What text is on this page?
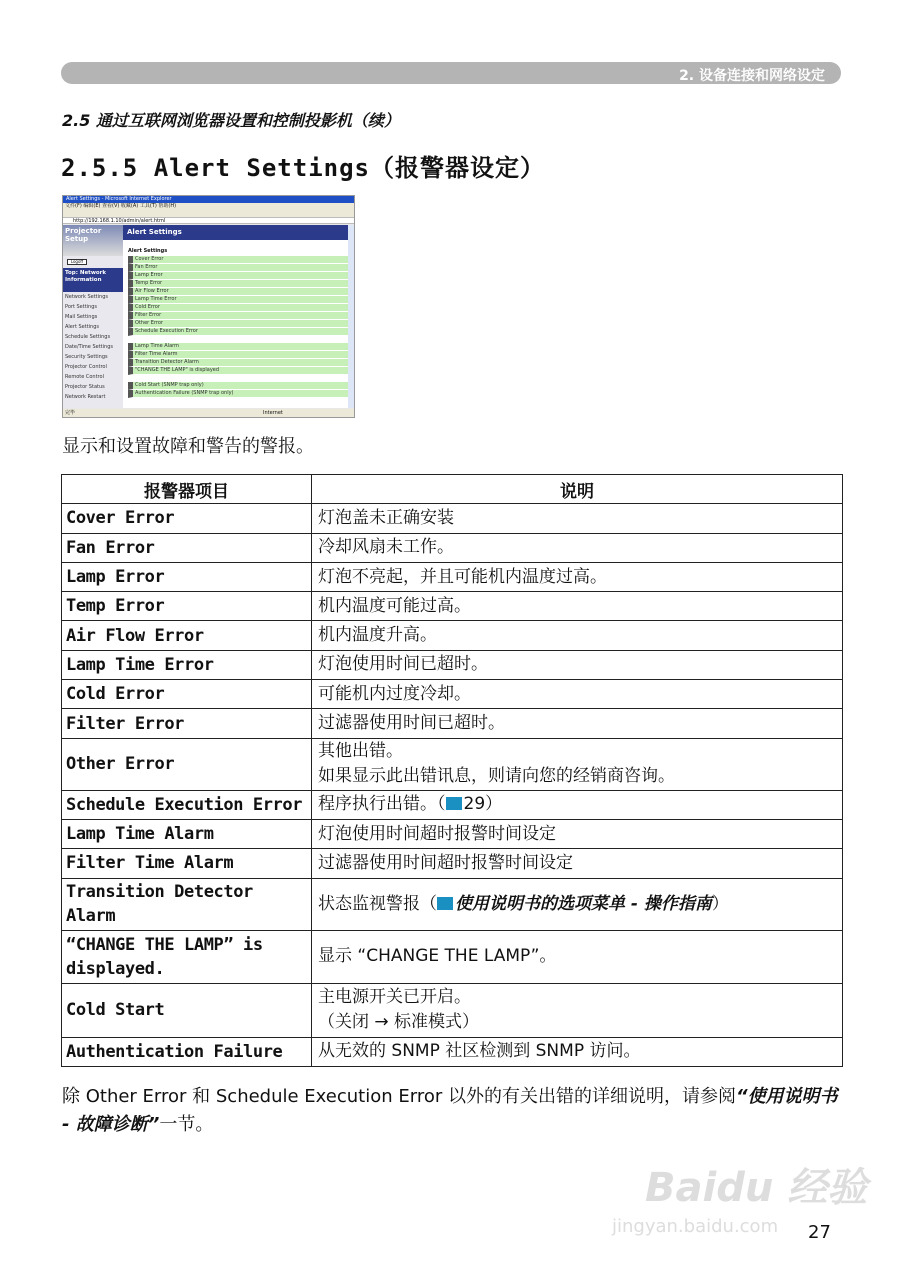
2. 设备连接和网络设定
2.5 通过互联网浏览器设置和控制投影机（续）
2.5.5 Alert Settings（报警器设定）
Alert Settings - Microsoft Internet Explorer
文件(F) 编辑(E) 查看(V) 收藏(A) 工具(T) 帮助(H)
http://192.168.1.10/admin/alert.html
Projector Setup
Logoff
Top: Network Information
Network Settings
Port Settings
Mail Settings
Alert Settings
Schedule Settings
Date/Time Settings
Security Settings
Projector Control
Remote Control
Projector Status
Network Restart
Alert Settings
Alert Settings
Cover Error
Fan Error
Lamp Error
Temp Error
Air Flow Error
Lamp Time Error
Cold Error
Filter Error
Other Error
Schedule Execution Error
Lamp Time Alarm
Filter Time Alarm
Transition Detector Alarm
"CHANGE THE LAMP" is displayed
Cold Start (SNMP trap only)
Authentication Failure (SNMP trap only)
完毕	Internet
显示和设置故障和警告的警报。
报警器项目	说明
Cover Error	灯泡盖未正确安装

Fan Error	冷却风扇未工作。

Lamp Error	灯泡不亮起，并且可能机内温度过高。

Temp Error	机内温度可能过高。

Air Flow Error	机内温度升高。

Lamp Time Error	灯泡使用时间已超时。

Cold Error	可能机内过度冷却。

Filter Error	过滤器使用时间已超时。

Other Error	其他出错。
如果显示此出错讯息，则请向您的经销商咨询。

Schedule Execution Error	程序执行出错。（ 29）
Lamp Time Alarm	灯泡使用时间超时报警时间设定

Filter Time Alarm	过滤器使用时间超时报警时间设定

Transition Detector Alarm	状态监视警报（ 使用说明书的选项菜单 - 操作指南）
“CHANGE THE LAMP” is displayed.	显示 “CHANGE THE LAMP”。

Cold Start	主电源开关已开启。
（关闭 → 标准模式）

Authentication Failure	从无效的 SNMP 社区检测到 SNMP 访问。
除 Other Error 和 Schedule Execution Error 以外的有关出错的详细说明，请参阅“使用说明书 - 故障诊断”一节。
Baidu 经验
jingyan.baidu.com 27
